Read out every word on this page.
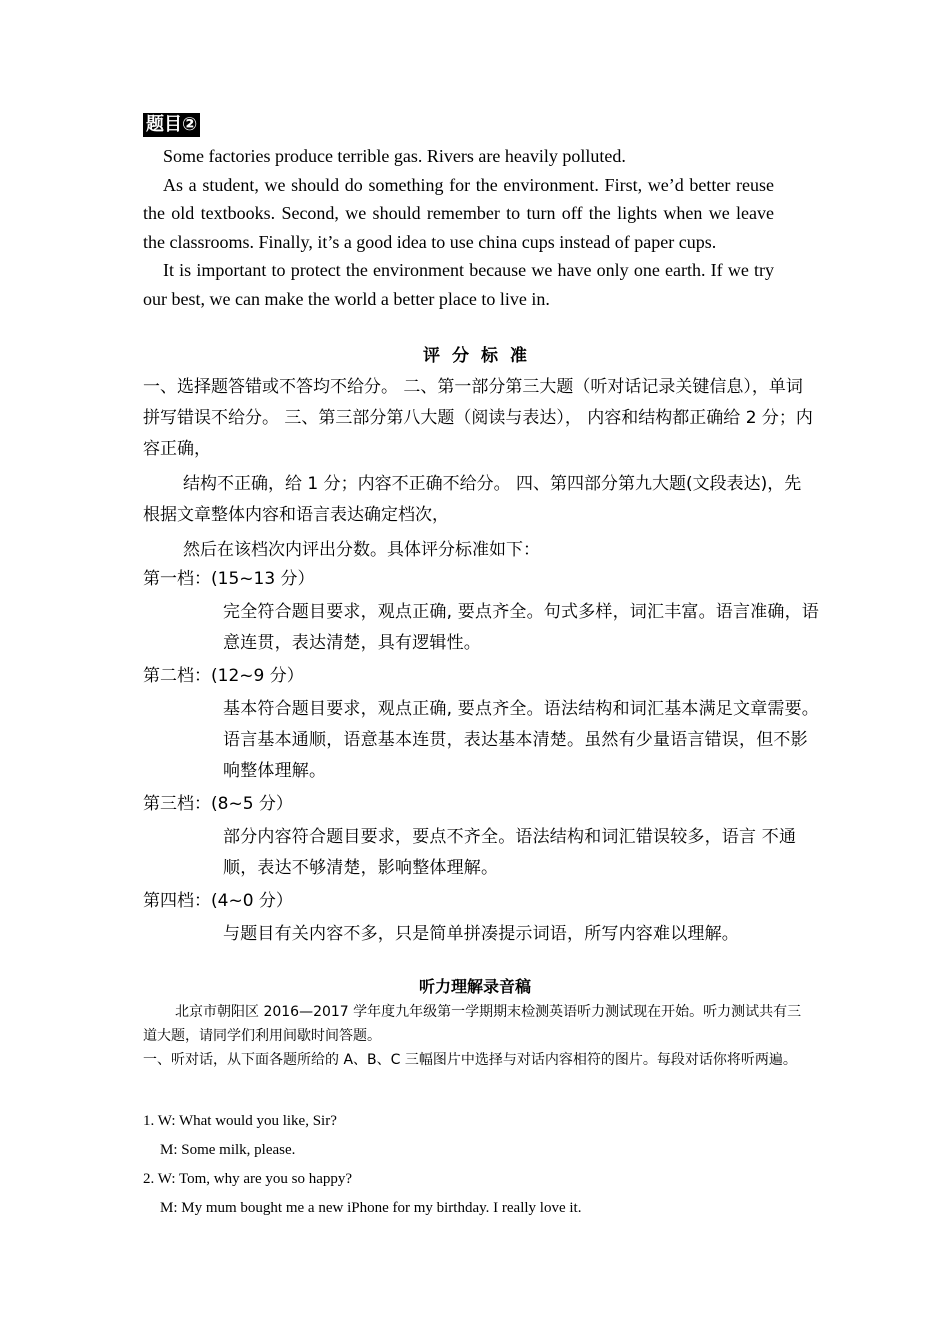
题目②

Some factories produce terrible gas. Rivers are heavily polluted.

As a student, we should do something for the environment. First, we’d better reuse the old textbooks. Second, we should remember to turn off the lights when we leave the classrooms. Finally, it’s a good idea to use china cups instead of paper cups.

It is important to protect the environment because we have only one earth. If we try our best, we can make the world a better place to live in.

评分标准

一、选择题答错或不答均不给分。 二、第一部分第三大题（听对话记录关键信息），单词拼写错误不给分。 三、第三部分第八大题（阅读与表达）， 内容和结构都正确给 2 分；内容正确，

结构不正确，给 1 分；内容不正确不给分。 四、第四部分第九大题(文段表达)，先根据文章整体内容和语言表达确定档次，

然后在该档次内评出分数。具体评分标准如下：

第一档：(15~13 分）

完全符合题目要求，观点正确, 要点齐全。句式多样，词汇丰富。语言准确，语意连贯，表达清楚，具有逻辑性。

第二档：(12~9 分）

基本符合题目要求，观点正确, 要点齐全。语法结构和词汇基本满足文章需要。语言基本通顺，语意基本连贯，表达基本清楚。虽然有少量语言错误，但不影响整体理解。

第三档：(8~5 分）

部分内容符合题目要求，要点不齐全。语法结构和词汇错误较多，语言 不通顺，表达不够清楚，影响整体理解。

第四档：(4~0 分）

与题目有关内容不多，只是简单拼凑提示词语，所写内容难以理解。

听力理解录音稿

北京市朝阳区 2016—2017 学年度九年级第一学期期末检测英语听力测试现在开始。听力测试共有三道大题，请同学们利用间歇时间答题。

一、听对话，从下面各题所给的 A、B、C 三幅图片中选择与对话内容相符的图片。每段对话你将听两遍。

1. W: What would you like, Sir?

M: Some milk, please.

2. W: Tom, why are you so happy?

M: My mum bought me a new iPhone for my birthday. I really love it.
